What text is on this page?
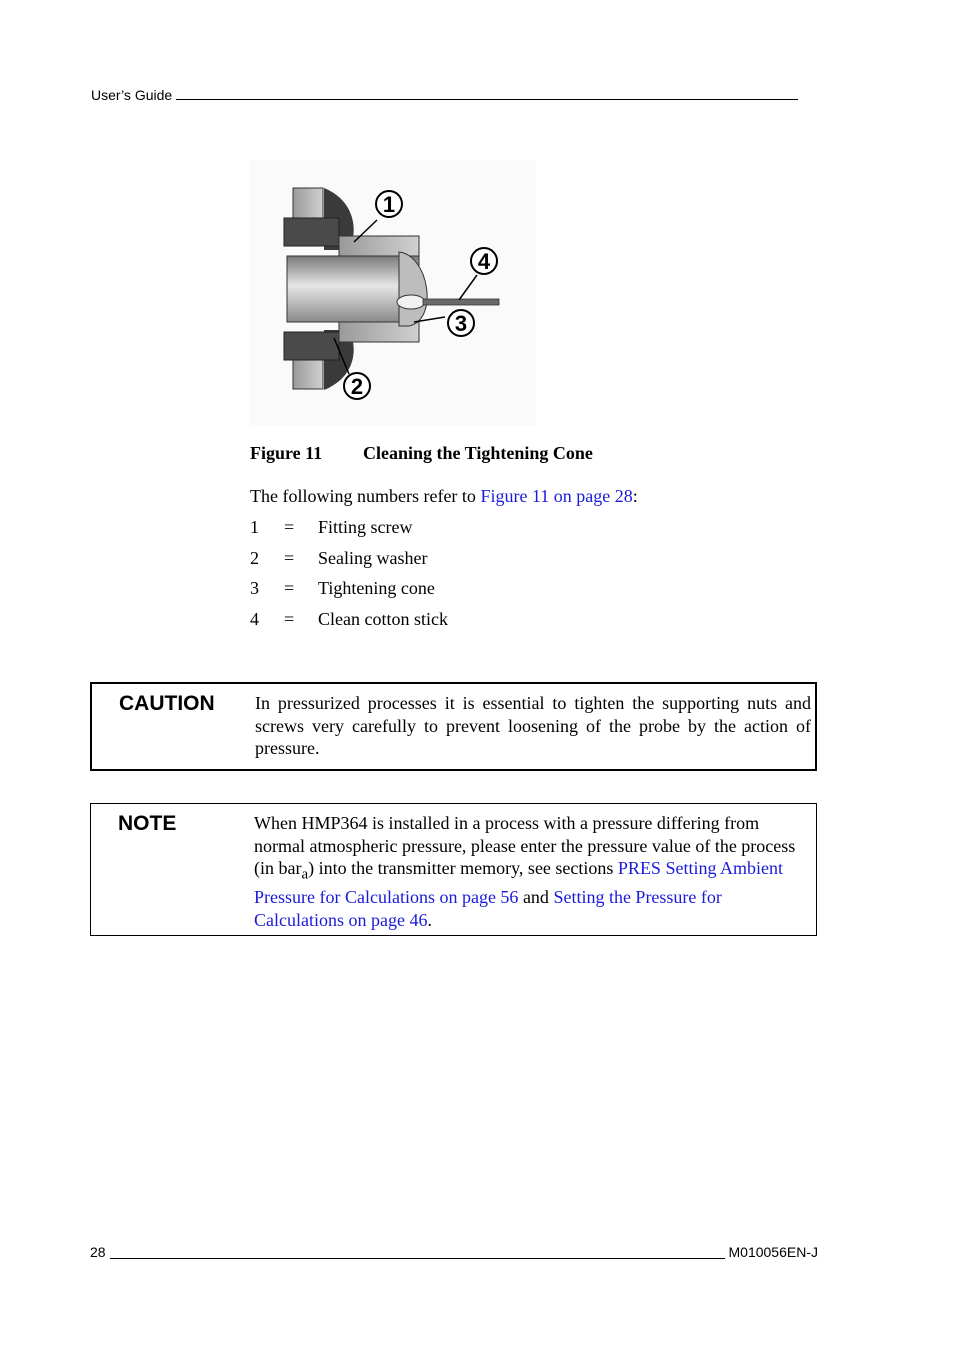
User’s Guide
1
2
3
4
Figure 11 Cleaning the Tightening Cone
The following numbers refer to Figure 11 on page 28:
1	=	Fitting screw
2	=	Sealing washer
3	=	Tightening cone
4	=	Clean cotton stick
CAUTION In pressurized processes it is essential to tighten the supporting nuts and screws very carefully to prevent loosening of the probe by the action of pressure.
NOTE	When HMP364 is installed in a process with a pressure differing from normal atmospheric pressure, please enter the pressure value of the process (in bar$_a$) into the transmitter memory, see sections PRES Setting Ambient Pressure for Calculations on page 56 and Setting the Pressure for Calculations on page 46.
28	M010056EN-J
